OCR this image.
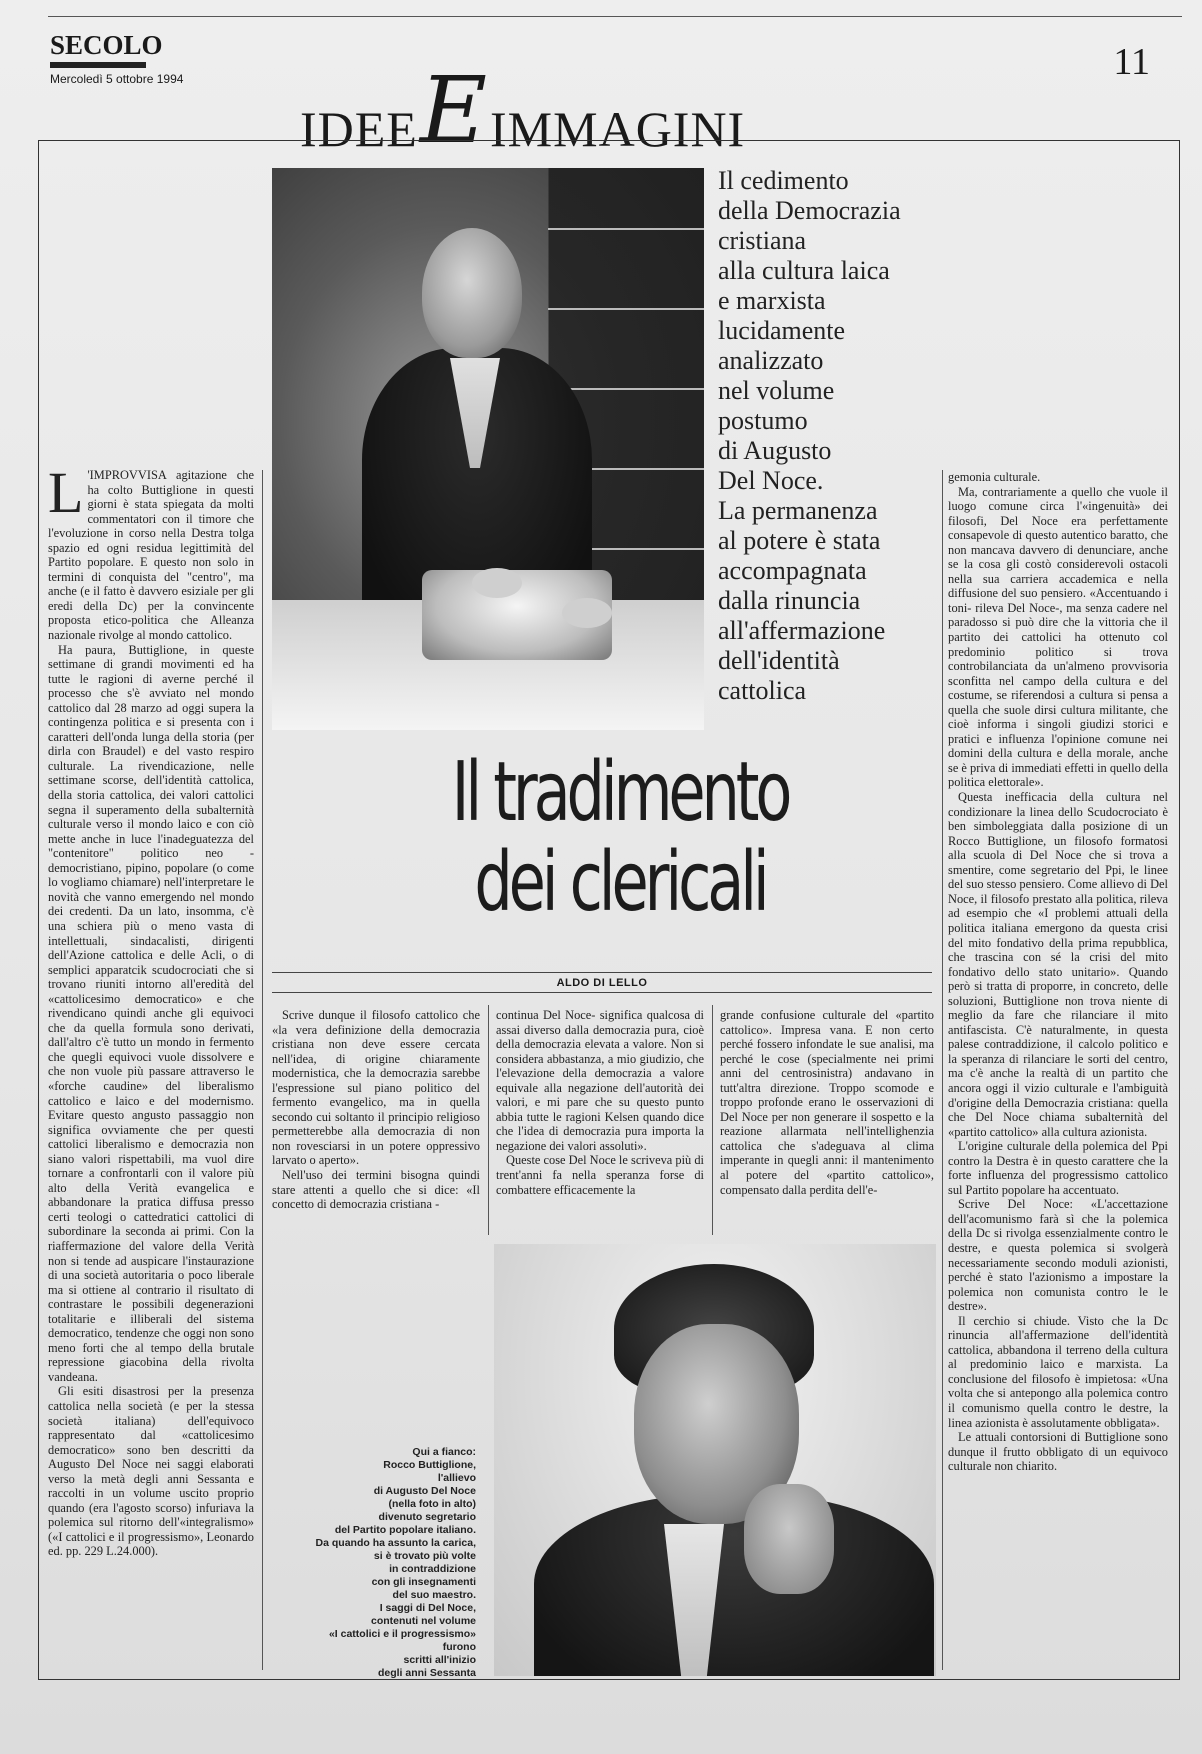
SECOLO
Mercoledì 5 ottobre 1994
IDEE E IMMAGINI
11
Il cedimento
della Democrazia
cristiana
alla cultura laica
e marxista
lucidamente
analizzato
nel volume
postumo
di Augusto
Del Noce.
La permanenza
al potere è stata
accompagnata
dalla rinuncia
all'affermazione
dell'identità
cattolica
Il tradimento
dei clericali
ALDO DI LELLO

L 'IMPROVVISA agitazione che ha colto Buttiglione in questi giorni è stata spiegata da molti commentatori con il timore che l'evoluzione in corso nella Destra tolga spazio ed ogni residua legittimità del Partito popolare. E questo non solo in termini di conquista del "centro", ma anche (e il fatto è davvero esiziale per gli eredi della Dc) per la convincente proposta etico-politica che Alleanza nazionale rivolge al mondo cattolico.

Ha paura, Buttiglione, in queste settimane di grandi movimenti ed ha tutte le ragioni di averne perché il processo che s'è avviato nel mondo cattolico dal 28 marzo ad oggi supera la contingenza politica e si presenta con i caratteri dell'onda lunga della storia (per dirla con Braudel) e del vasto respiro culturale. La rivendicazione, nelle settimane scorse, dell'identità cattolica, della storia cattolica, dei valori cattolici segna il superamento della subalternità culturale verso il mondo laico e con ciò mette anche in luce l'inadeguatezza del "contenitore" politico neo - democristiano, pipino, popolare (o come lo vogliamo chiamare) nell'interpretare le novità che vanno emergendo nel mondo dei credenti. Da un lato, insomma, c'è una schiera più o meno vasta di intellettuali, sindacalisti, dirigenti dell'Azione cattolica e delle Acli, o di semplici apparatcik scudocrociati che si trovano riuniti intorno all'eredità del «cattolicesimo democratico» e che rivendicano quindi anche gli equivoci che da quella formula sono derivati, dall'altro c'è tutto un mondo in fermento che quegli equivoci vuole dissolvere e che non vuole più passare attraverso le «forche caudine» del liberalismo cattolico e laico e del modernismo. Evitare questo angusto passaggio non significa ovviamente che per questi cattolici liberalismo e democrazia non siano valori rispettabili, ma vuol dire tornare a confrontarli con il valore più alto della Verità evangelica e abbandonare la pratica diffusa presso certi teologi o cattedratici cattolici di subordinare la seconda ai primi. Con la riaffermazione del valore della Verità non si tende ad auspicare l'instaurazione di una società autoritaria o poco liberale ma si ottiene al contrario il risultato di contrastare le possibili degenerazioni totalitarie e illiberali del sistema democratico, tendenze che oggi non sono meno forti che al tempo della brutale repressione giacobina della rivolta vandeana.

Gli esiti disastrosi per la presenza cattolica nella società (e per la stessa società italiana) dell'equivoco rappresentato dal «cattolicesimo democratico» sono ben descritti da Augusto Del Noce nei saggi elaborati verso la metà degli anni Sessanta e raccolti in un volume uscito proprio quando (era l'agosto scorso) infuriava la polemica sul ritorno dell'«integralismo» («I cattolici e il progressismo», Leonardo ed. pp. 229 L.24.000).

Scrive dunque il filosofo cattolico che «la vera definizione della democrazia cristiana non deve essere cercata nell'idea, di origine chiaramente modernistica, che la democrazia sarebbe l'espressione sul piano politico del fermento evangelico, ma in quella secondo cui soltanto il principio religioso permetterebbe alla democrazia di non non rovesciarsi in un potere oppressivo larvato o aperto».

Nell'uso dei termini bisogna quindi stare attenti a quello che si dice: «Il concetto di democrazia cristiana -

continua Del Noce- significa qualcosa di assai diverso dalla democrazia pura, cioè della democrazia elevata a valore. Non si considera abbastanza, a mio giudizio, che l'elevazione della democrazia a valore equivale alla negazione dell'autorità dei valori, e mi pare che su questo punto abbia tutte le ragioni Kelsen quando dice che l'idea di democrazia pura importa la negazione dei valori assoluti».

Queste cose Del Noce le scriveva più di trent'anni fa nella speranza forse di combattere efficacemente la

grande confusione culturale del «partito cattolico». Impresa vana. E non certo perché fossero infondate le sue analisi, ma perché le cose (specialmente nei primi anni del centrosinistra) andavano in tutt'altra direzione. Troppo scomode e troppo profonde erano le osservazioni di Del Noce per non generare il sospetto e la reazione allarmata nell'intellighenzia cattolica che s'adeguava al clima imperante in quegli anni: il mantenimento al potere del «partito cattolico», compensato dalla perdita dell'e-

gemonia culturale.

Ma, contrariamente a quello che vuole il luogo comune circa l'«ingenuità» dei filosofi, Del Noce era perfettamente consapevole di questo autentico baratto, che non mancava davvero di denunciare, anche se la cosa gli costò considerevoli ostacoli nella sua carriera accademica e nella diffusione del suo pensiero. «Accentuando i toni- rileva Del Noce-, ma senza cadere nel paradosso si può dire che la vittoria che il partito dei cattolici ha ottenuto col predominio politico si trova controbilanciata da un'almeno provvisoria sconfitta nel campo della cultura e del costume, se riferendosi a cultura si pensa a quella che suole dirsi cultura militante, che cioè informa i singoli giudizi storici e pratici e influenza l'opinione comune nei domini della cultura e della morale, anche se è priva di immediati effetti in quello della politica elettorale».

Questa inefficacia della cultura nel condizionare la linea dello Scudocrociato è ben simboleggiata dalla posizione di un Rocco Buttiglione, un filosofo formatosi alla scuola di Del Noce che si trova a smentire, come segretario del Ppi, le linee del suo stesso pensiero. Come allievo di Del Noce, il filosofo prestato alla politica, rileva ad esempio che «I problemi attuali della politica italiana emergono da questa crisi del mito fondativo della prima repubblica, che trascina con sé la crisi del mito fondativo dello stato unitario». Quando però si tratta di proporre, in concreto, delle soluzioni, Buttiglione non trova niente di meglio da fare che rilanciare il mito antifascista. C'è naturalmente, in questa palese contraddizione, il calcolo politico e la speranza di rilanciare le sorti del centro, ma c'è anche la realtà di un partito che ancora oggi il vizio culturale e l'ambiguità d'origine della Democrazia cristiana: quella che Del Noce chiama subalternità del «partito cattolico» alla cultura azionista.

L'origine culturale della polemica del Ppi contro la Destra è in questo carattere che la forte influenza del progressismo cattolico sul Partito popolare ha accentuato.

Scrive Del Noce: «L'accettazione dell'acomunismo farà sì che la polemica della Dc si rivolga essenzialmente contro le destre, e questa polemica si svolgerà necessariamente secondo moduli azionisti, perché è stato l'azionismo a impostare la polemica non comunista contro le le destre».

Il cerchio si chiude. Visto che la Dc rinuncia all'affermazione dell'identità cattolica, abbandona il terreno della cultura al predominio laico e marxista. La conclusione del filosofo è impietosa: «Una volta che si antepongo alla polemica contro il comunismo quella contro le destre, la linea azionista è assolutamente obbligata».

Le attuali contorsioni di Buttiglione sono dunque il frutto obbligato di un equivoco culturale non chiarito.

Qui a fianco:
Rocco Buttiglione,
l'allievo
di Augusto Del Noce
(nella foto in alto)
divenuto segretario
del Partito popolare italiano.
Da quando ha assunto la carica,
si è trovato più volte
in contraddizione
con gli insegnamenti
del suo maestro.
I saggi di Del Noce,
contenuti nel volume
«I cattolici e il progressismo»
furono
scritti all'inizio
degli anni Sessanta
